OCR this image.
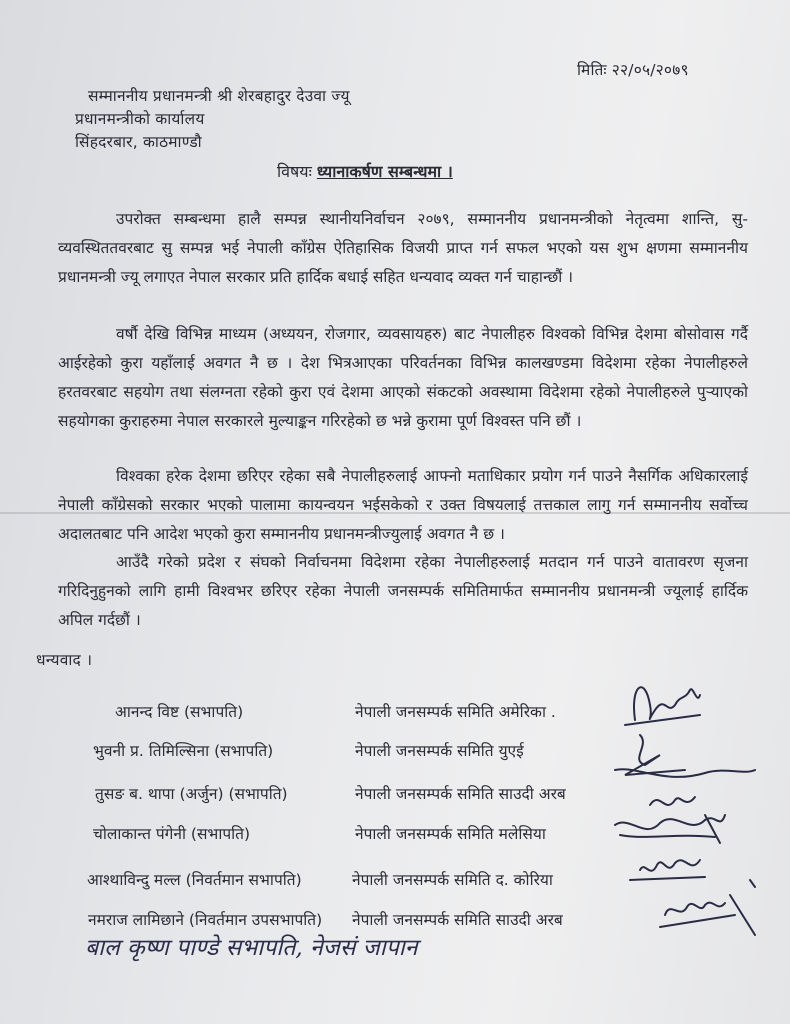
मितिः २२/०५/२०७९
सम्माननीय प्रधानमन्त्री श्री शेरबहादुर देउवा ज्यू
प्रधानमन्त्रीको कार्यालय
सिंहदरबार, काठमाण्डौ
विषयः ध्यानाकर्षण सम्बन्धमा ।
उपरोक्त सम्बन्धमा हालै सम्पन्न स्थानीयनिर्वाचन २०७९, सम्माननीय प्रधानमन्त्रीको नेतृत्वमा शान्ति, सु-व्यवस्थिततवरबाट सु सम्पन्न भई नेपाली काँग्रेस ऐतिहासिक विजयी प्राप्त गर्न सफल भएको यस शुभ क्षणमा सम्माननीय प्रधानमन्त्री ज्यू लगाएत नेपाल सरकार प्रति हार्दिक बधाई सहित धन्यवाद व्यक्त गर्न चाहान्छौं ।
वर्षौ देखि विभिन्न माध्यम (अध्ययन, रोजगार, व्यवसायहरु) बाट नेपालीहरु विश्वको विभिन्न देशमा बोसोवास गर्दै आईरहेको कुरा यहाँलाई अवगत नै छ । देश भित्रआएका परिवर्तनका विभिन्न कालखण्डमा विदेशमा रहेका नेपालीहरुले हरतवरबाट सहयोग तथा संलग्नता रहेको कुरा एवं देशमा आएको संकटको अवस्थामा विदेशमा रहेको नेपालीहरुले पुऱ्याएको सहयोगका कुराहरुमा नेपाल सरकारले मुल्याङ्कन गरिरहेको छ भन्ने कुरामा पूर्ण विश्वस्त पनि छौं ।
विश्वका हरेक देशमा छरिएर रहेका सबै नेपालीहरुलाई आफ्नो मताधिकार प्रयोग गर्न पाउने नैसर्गिक अधिकारलाई नेपाली काँग्रेसको सरकार भएको पालामा कायन्वयन भईसकेको र उक्त विषयलाई तत्तकाल लागु गर्न सम्माननीय सर्वोच्च अदालतबाट पनि आदेश भएको कुरा सम्माननीय प्रधानमन्त्रीज्युलाई अवगत नै छ ।
आउँदै गरेको प्रदेश र संघको निर्वाचनमा विदेशमा रहेका नेपालीहरुलाई मतदान गर्न पाउने वातावरण सृजना गरिदिनुहुनको लागि हामी विश्वभर छरिएर रहेका नेपाली जनसम्पर्क समितिमार्फत सम्माननीय प्रधानमन्त्री ज्यूलाई हार्दिक अपिल गर्दछौं ।
धन्यवाद ।
आनन्द विष्ट (सभापति)	नेपाली जनसम्पर्क समिति अमेरिका .
भुवनी प्र. तिमिल्सिना (सभापति)	नेपाली जनसम्पर्क समिति युएई
तुसङ ब. थापा (अर्जुन) (सभापति)	नेपाली जनसम्पर्क समिति साउदी अरब
चोलाकान्त पंगेनी (सभापति)	नेपाली जनसम्पर्क समिति मलेसिया
आश्थाविन्दु मल्ल (निवर्तमान सभापति)	नेपाली जनसम्पर्क समिति द. कोरिया
नमराज लामिछाने (निवर्तमान उपसभापति) नेपाली जनसम्पर्क समिति साउदी अरब
बाल कृष्ण पाण्डे सभापति, नेजसं जापान
